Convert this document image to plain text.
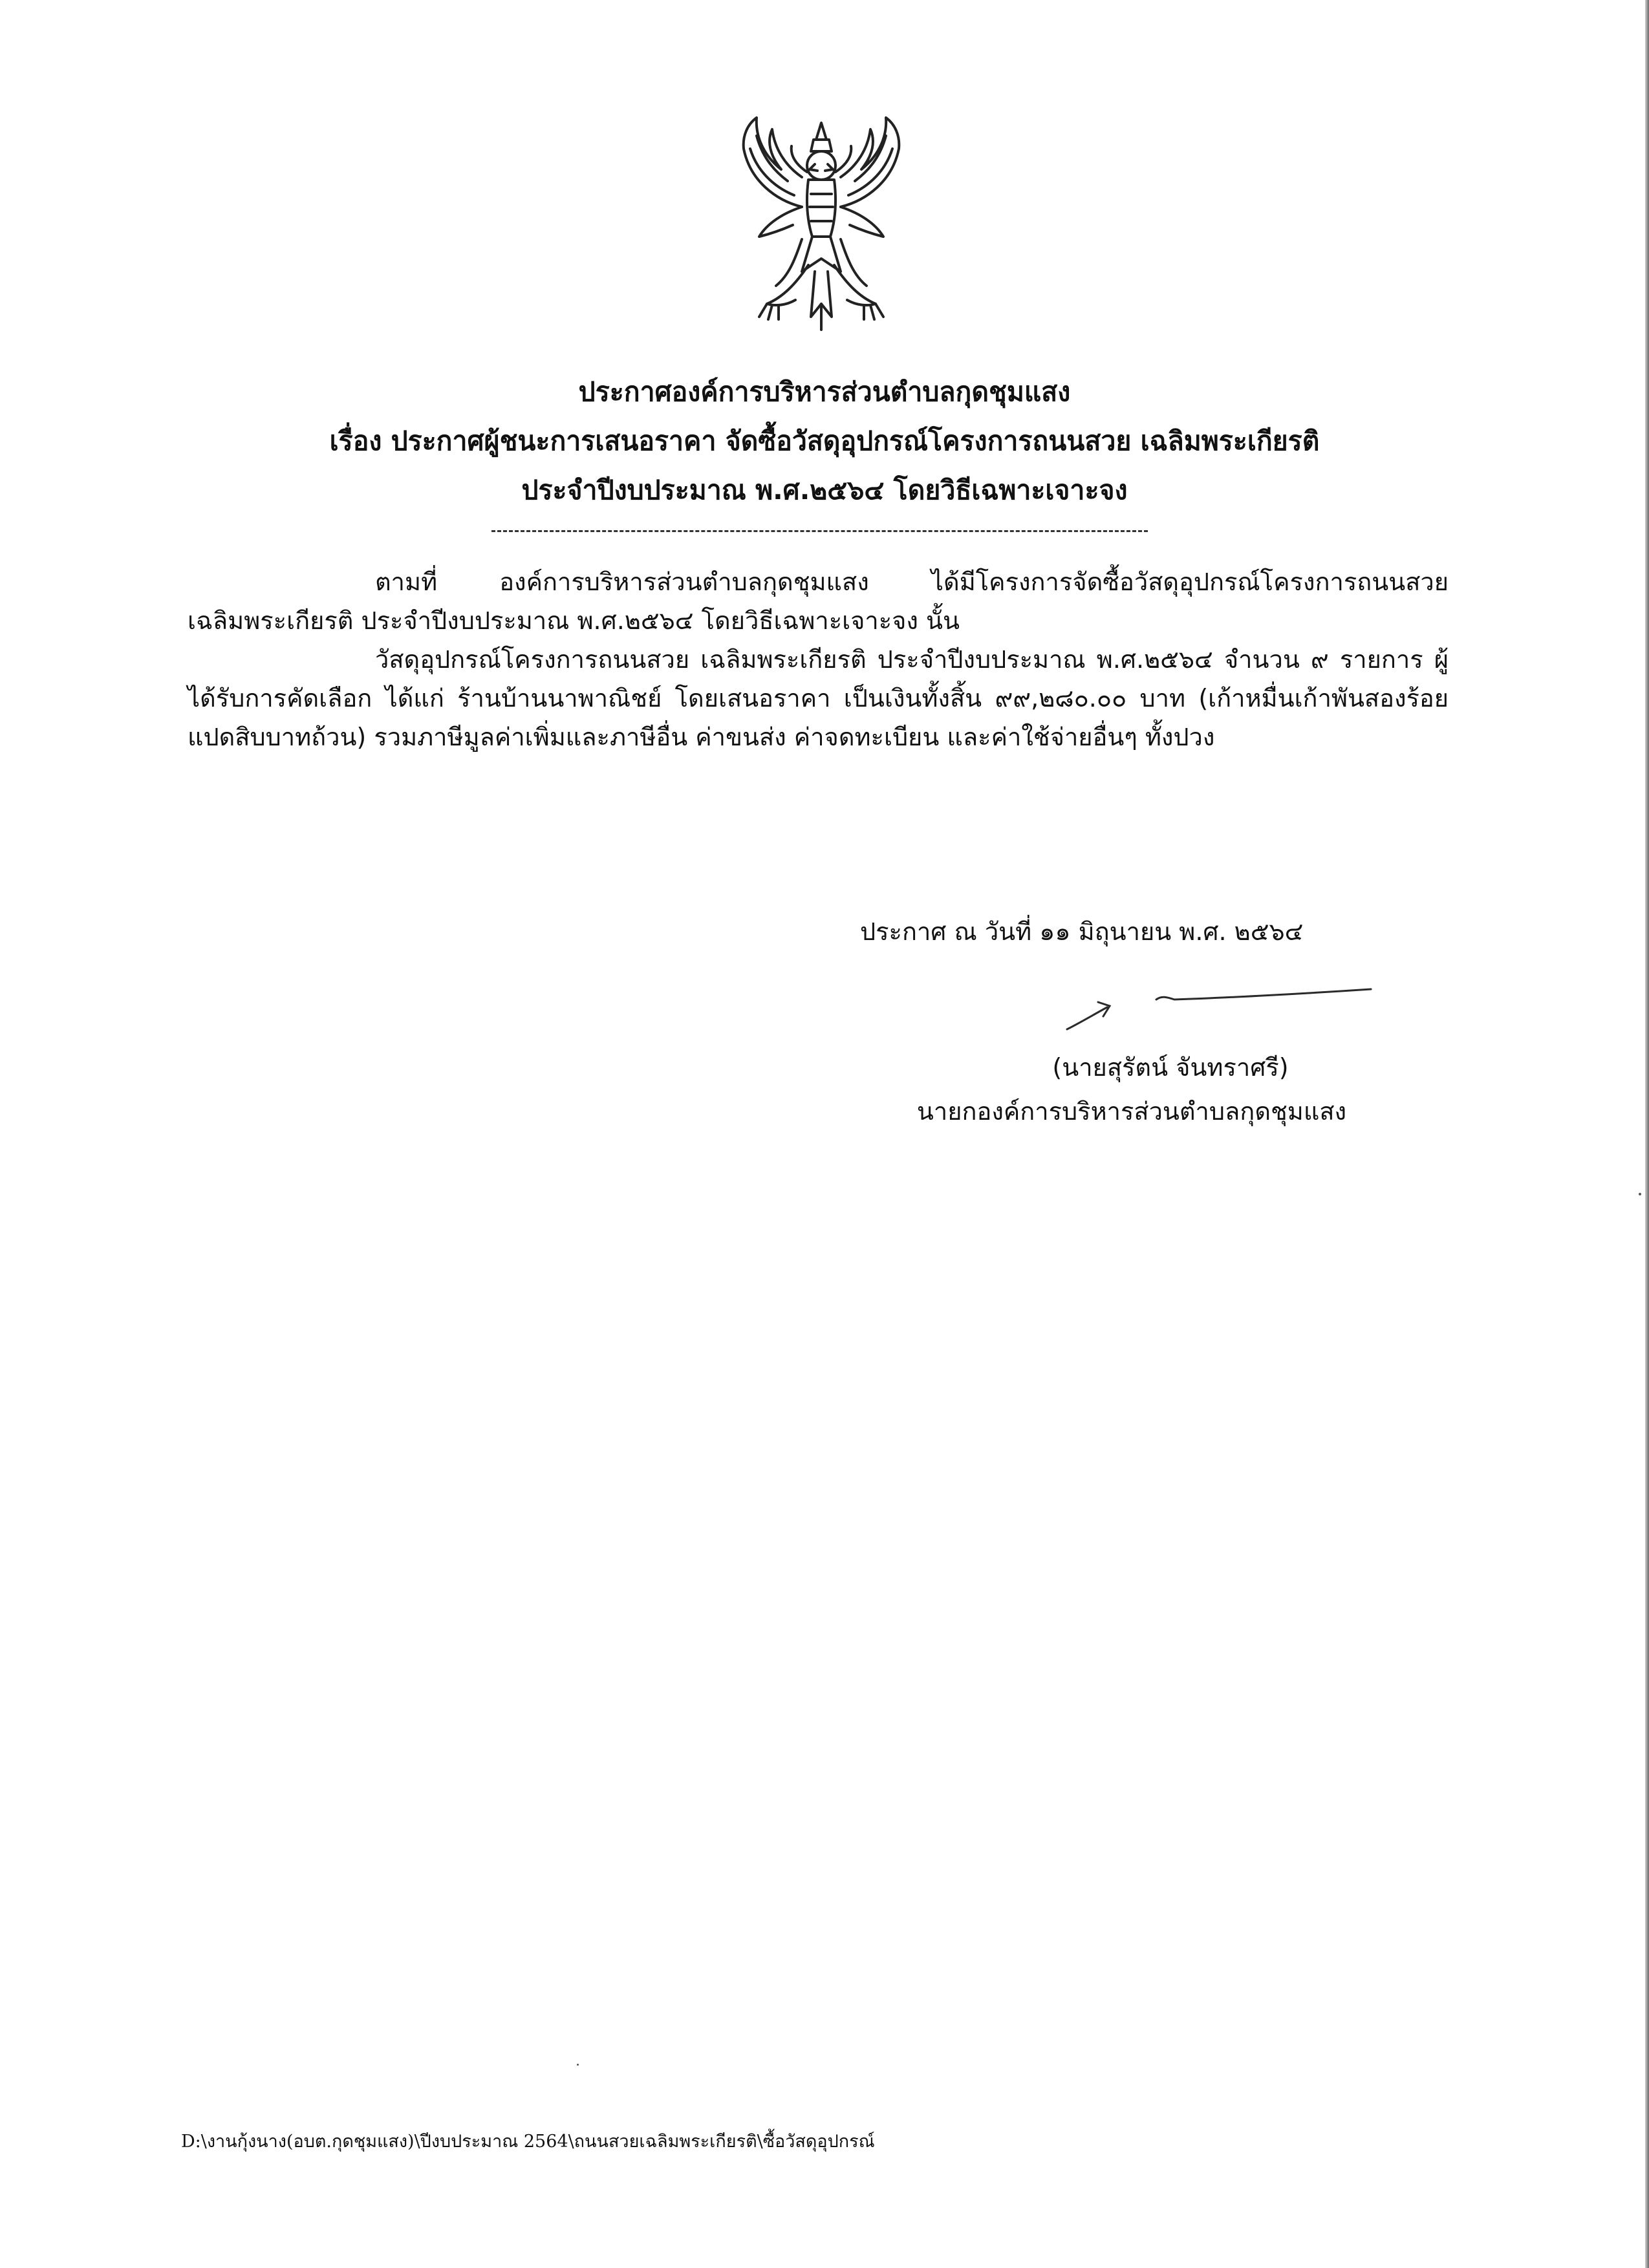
ประกาศองค์การบริหารส่วนตำบลกุดชุมแสง
เรื่อง ประกาศผู้ชนะการเสนอราคา จัดซื้อวัสดุอุปกรณ์โครงการถนนสวย เฉลิมพระเกียรติ
ประจำปีงบประมาณ พ.ศ.๒๕๖๔ โดยวิธีเฉพาะเจาะจง

ตามที่ องค์การบริหารส่วนตำบลกุดชุมแสง ได้มีโครงการจัดซื้อวัสดุอุปกรณ์โครงการถนนสวย เฉลิมพระเกียรติ ประจำปีงบประมาณ พ.ศ.๒๕๖๔ โดยวิธีเฉพาะเจาะจง นั้น

วัสดุอุปกรณ์โครงการถนนสวย เฉลิมพระเกียรติ ประจำปีงบประมาณ พ.ศ.๒๕๖๔ จำนวน ๙ รายการ ผู้ได้รับการคัดเลือก ได้แก่ ร้านบ้านนาพาณิชย์ โดยเสนอราคา เป็นเงินทั้งสิ้น ๙๙,๒๘๐.๐๐ บาท (เก้าหมื่นเก้าพันสองร้อยแปดสิบบาทถ้วน) รวมภาษีมูลค่าเพิ่มและภาษีอื่น ค่าขนส่ง ค่าจดทะเบียน และค่าใช้จ่ายอื่นๆ ทั้งปวง

ประกาศ ณ วันที่ ๑๑ มิถุนายน พ.ศ. ๒๕๖๔
(นายสุรัตน์ จันทราศรี)
นายกองค์การบริหารส่วนตำบลกุดชุมแสง
D:\งานกุ้งนาง(อบต.กุดชุมแสง)\ปีงบประมาณ 2564\ถนนสวยเฉลิมพระเกียรติ\ซื้อวัสดุอุปกรณ์
